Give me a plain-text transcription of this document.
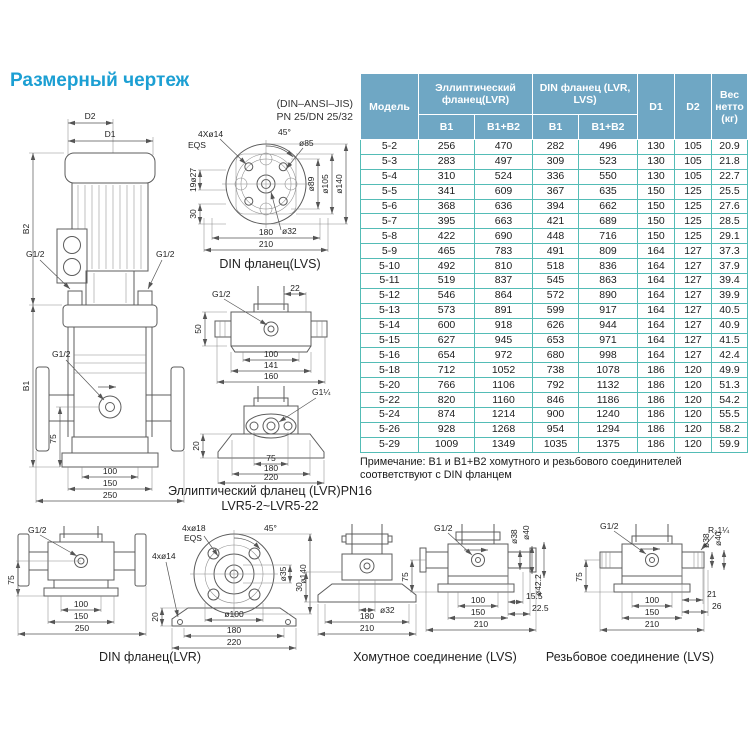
Размерный чертеж
(DIN–ANSI–JIS)
PN 25/DN 25/32
D2
D1
B2
B1
G1/2	G1/2
G1/2
75
100
150
250
4Xø14
EQS
45°
ø85
ø89 ø105 ø140
19ø27
30
ø32
180
210
DIN фланец(LVS)
G1/2
22
50
100
141
160
G1¼
20
75
180
220
Эллиптический фланец (LVR)PN16
LVR5-2~LVR5-22
G1/2
75
100
150
250
4xø18
EQS
4xø14
45°
ø35 ø140
ø100
20
180
220
DIN фланец(LVR)
30
ø32
180
210
G1/2
75
ø38 ø40
ø42.2
15.5
22.5
100
150
210
Хомутное соединение (LVS)
G1/2	R₂1¼
75
ø38 ø40
21
26
100
150
210
Резьбовое соединение (LVS)
Модель	Эллиптический фланец(LVR)		DIN фланец (LVR, LVS)		D1	D2	Вес нетто (кг)
	B1	B1+B2	B1	B1+B2			
5-2	256	470	282	496	130	105	20.9
5-3	283	497	309	523	130	105	21.8
5-4	310	524	336	550	130	105	22.7
5-5	341	609	367	635	150	125	25.5
5-6	368	636	394	662	150	125	27.6
5-7	395	663	421	689	150	125	28.5
5-8	422	690	448	716	150	125	29.1
5-9	465	783	491	809	164	127	37.3
5-10	492	810	518	836	164	127	37.9
5-11	519	837	545	863	164	127	39.4
5-12	546	864	572	890	164	127	39.9
5-13	573	891	599	917	164	127	40.5
5-14	600	918	626	944	164	127	40.9
5-15	627	945	653	971	164	127	41.5
5-16	654	972	680	998	164	127	42.4
5-18	712	1052	738	1078	186	120	49.9
5-20	766	1106	792	1132	186	120	51.3
5-22	820	1160	846	1186	186	120	54.2
5-24	874	1214	900	1240	186	120	55.5
5-26	928	1268	954	1294	186	120	58.2
5-29	1009	1349	1035	1375	186	120	59.9
Примечание: B1 и B1+B2 хомутного и резьбового соединителей
соответствуют с DIN фланцем
